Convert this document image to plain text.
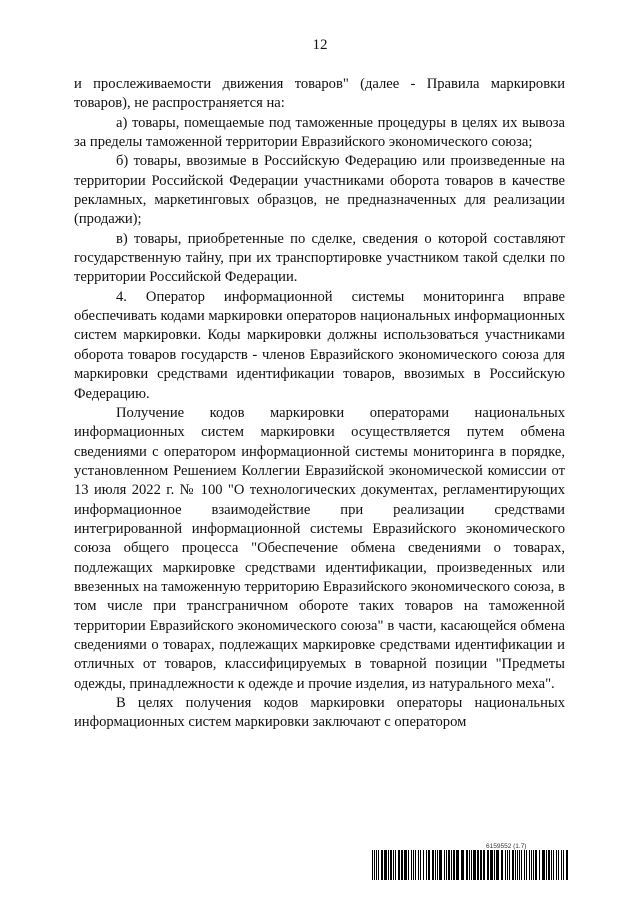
12

и прослеживаемости движения товаров" (далее - Правила маркировки товаров), не распространяется на:

а) товары, помещаемые под таможенные процедуры в целях их вывоза за пределы таможенной территории Евразийского экономического союза;

б) товары, ввозимые в Российскую Федерацию или произведенные на территории Российской Федерации участниками оборота товаров в качестве рекламных, маркетинговых образцов, не предназначенных для реализации (продажи);

в) товары, приобретенные по сделке, сведения о которой составляют государственную тайну, при их транспортировке участником такой сделки по территории Российской Федерации.

4. Оператор информационной системы мониторинга вправе обеспечивать кодами маркировки операторов национальных информационных систем маркировки. Коды маркировки должны использоваться участниками оборота товаров государств - членов Евразийского экономического союза для маркировки средствами идентификации товаров, ввозимых в Российскую Федерацию.

Получение кодов маркировки операторами национальных информационных систем маркировки осуществляется путем обмена сведениями с оператором информационной системы мониторинга в порядке, установленном Решением Коллегии Евразийской экономической комиссии от 13 июля 2022 г. № 100 "О технологических документах, регламентирующих информационное взаимодействие при реализации средствами интегрированной информационной системы Евразийского экономического союза общего процесса "Обеспечение обмена сведениями о товарах, подлежащих маркировке средствами идентификации, произведенных или ввезенных на таможенную территорию Евразийского экономического союза, в том числе при трансграничном обороте таких товаров на таможенной территории Евразийского экономического союза" в части, касающейся обмена сведениями о товарах, подлежащих маркировке средствами идентификации и отличных от товаров, классифицируемых в товарной позиции "Предметы одежды, принадлежности к одежде и прочие изделия, из натурального меха".

В целях получения кодов маркировки операторы национальных информационных систем маркировки заключают с оператором

6159552 (1.7)
